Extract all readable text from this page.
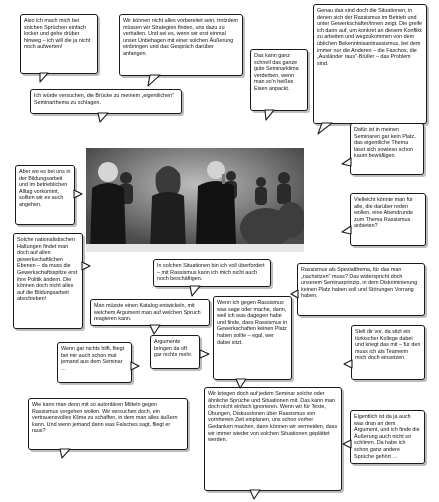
Also ich mach mich bei solchen Sprüchen einfach locker und gehe drüber hinweg – ich will die ja nicht noch aufwerten!

Wir können nicht alles vorbereitet sein, trotzdem müssen wir Strategien finden, uns dazu zu verhalten. Und sei es, wenn wir erst einmal unser Unbehagen mit einer solchen Äußerung einbringen und das Gespräch darüber anfangen.	Das kann ganz schnell das ganze gute Seminarklima verderben, wenn man so'n heißes Eisen anpackt.

Genau das sind doch die Situationen, in denen sich der Rassismus im Betrieb und unter Gewerkschafter/innen zeigt. Die greife ich dann auf, um konkret an diesem Konflikt zu arbeiten und wegzukommen von dem üblichen Bekenntnisantirassismus, bei dem immer nur die Anderen – die Faschos, die „Ausländer raus"-Brüller – das Problem sind.

Ich würde versuchen, die Brücke zu meinem „eigentlichen" Seminarthema zu schlagen.

Dafür ist in meinen Seminaren gar kein Platz, das eigentliche Thema lässt sich sowieso schon kaum bewältigen.

Aber wo es bei uns in der Bildungsarbeit und im betrieblichen Alltag vorkommt, sollten wir es auch angehen.

Vielleicht könnte man für alle, die darüber reden wollen, eine Abendrunde zum Thema Rassismus anbieten?

Solche nationalistischen Haltungen findet man doch auf allen gewerkschaftlichen Ebenen – da muss die Gewerkschaftsspitze erst ihre Politik ändern. Die können doch nicht alles auf die Bildungsarbeit abschieben!

In solchen Situationen bin ich voll überfordert – mit Rassismus kann ich mich nicht auch noch beschäftigen.

Man müsste einen Katalog entwickeln, mit welchem Argument man auf welchen Spruch reagieren kann.

Argumente bringen da oft gar nichts mehr.

Wenn ich gegen Rassismus was sage oder mache, dann, weil ich was dagegen habe und finde, dass Rassismus in Gewerkschaften keinen Platz haben sollte – egal, wer dabei sitzt.

Rassismus als Spezialthema, für das man „nachsitzen" muss? Das widerspricht doch unserem Seminarprinzip, in dem Diskriminierung keinen Platz haben soll und Störungen Vorrang haben.

Wenn gar nichts hilft, fliegt bei mir auch schon mal jemand aus dem Seminar …

Stell dir vor, da sitzt ein türkischer Kollege dabei und kriegt das mit – für den muss ich als Teamerin mich doch einsetzen.

Wir kriegen doch auf jedem Seminar solche oder ähnliche Sprüche und Situationen mit. Das kann man doch nicht einfach ignorieren. Wenn wir für Texte, Übungen, Diskussionen über Rassismus von vornherein Zeit einplanen, uns schon vorher Gedanken machen, dann können wir vermeiden, dass wir immer wieder von solchen Situationen geplättet werden.

Wie kann man denn mit so autoritären Mitteln gegen Rassismus vorgehen wollen. Wir versuchen doch, ein vertrauensvolles Klima zu schaffen, in dem man alles äußern kann. Und wenn jemand dann was Falsches sagt, fliegt er raus?

Eigentlich ist da ja auch was dran an dem Argument, und ich finde die Äußerung auch nicht so schlimm. Da habe ich schon ganz andere Sprüche gehört …
